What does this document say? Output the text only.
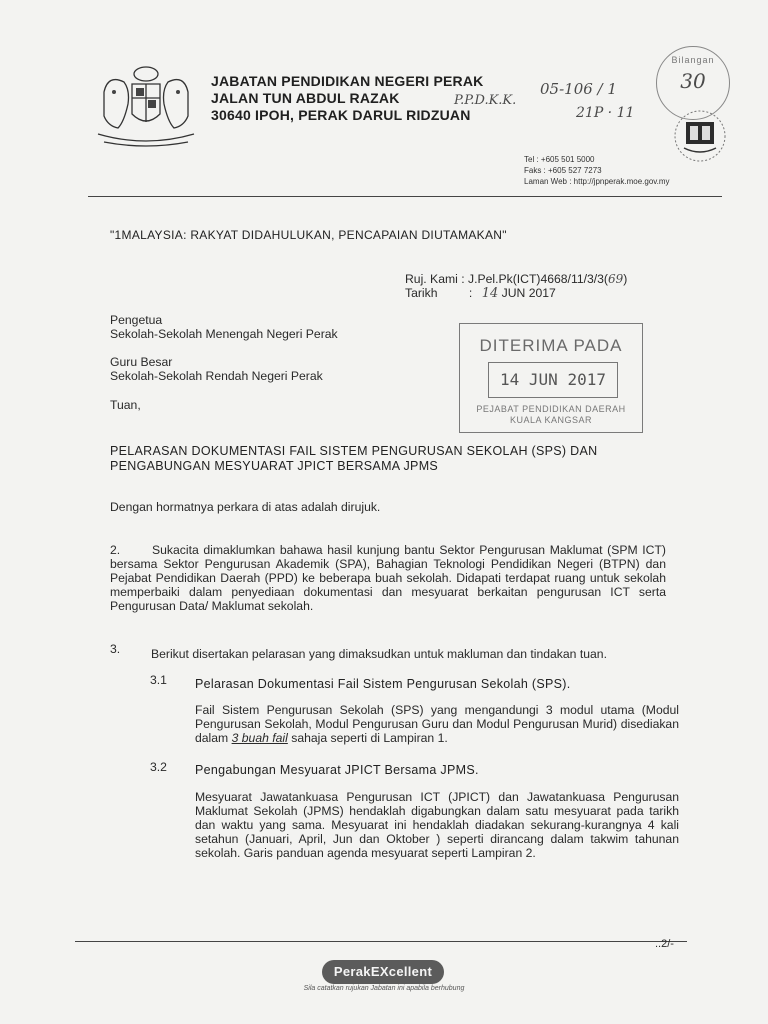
JABATAN PENDIDIKAN NEGERI PERAK
JALAN TUN ABDUL RAZAK
30640 IPOH, PERAK DARUL RIDZUAN
P.P.D.K.K.
05-106 / 1
21P · 11
Bilangan
30
Tel : +605 501 5000
Faks : +605 527 7273
Laman Web : http://jpnperak.moe.gov.my
"1MALAYSIA: RAKYAT DIDAHULUKAN, PENCAPAIAN DIUTAMAKAN"
Ruj. Kami : J.Pel.Pk(ICT)4668/11/3/3(69)
Tarikh	: 14 JUN 2017
DITERIMA PADA
14 JUN 2017
PEJABAT PENDIDIKAN DAERAH
KUALA KANGSAR
Pengetua
Sekolah-Sekolah Menengah Negeri Perak
Guru Besar
Sekolah-Sekolah Rendah Negeri Perak
Tuan,
PELARASAN DOKUMENTASI FAIL SISTEM PENGURUSAN SEKOLAH (SPS) DAN
PENGABUNGAN MESYUARAT JPICT BERSAMA JPMS
Dengan hormatnya perkara di atas adalah dirujuk.
2.	Sukacita dimaklumkan bahawa hasil kunjung bantu Sektor Pengurusan Maklumat (SPM ICT) bersama Sektor Pengurusan Akademik (SPA), Bahagian Teknologi Pendidikan Negeri (BTPN) dan Pejabat Pendidikan Daerah (PPD) ke beberapa buah sekolah. Didapati terdapat ruang untuk sekolah memperbaiki dalam penyediaan dokumentasi dan mesyuarat berkaitan pengurusan ICT serta Pengurusan Data/ Maklumat sekolah.
3.	Berikut disertakan pelarasan yang dimaksudkan untuk makluman dan tindakan tuan.
3.1 Pelarasan Dokumentasi Fail Sistem Pengurusan Sekolah (SPS).
Fail Sistem Pengurusan Sekolah (SPS) yang mengandungi 3 modul utama (Modul Pengurusan Sekolah, Modul Pengurusan Guru dan Modul Pengurusan Murid) disediakan dalam 3 buah fail sahaja seperti di Lampiran 1.
3.2 Pengabungan Mesyuarat JPICT Bersama JPMS.
Mesyuarat Jawatankuasa Pengurusan ICT (JPICT) dan Jawatankuasa Pengurusan Maklumat Sekolah (JPMS) hendaklah digabungkan dalam satu mesyuarat pada tarikh dan waktu yang sama. Mesyuarat ini hendaklah diadakan sekurang-kurangnya 4 kali setahun (Januari, April, Jun dan Oktober ) seperti dirancang dalam takwim tahunan sekolah. Garis panduan agenda mesyuarat seperti Lampiran 2.
..2/-
PerakEXcellent
Sila catatkan rujukan Jabatan ini apabila berhubung
